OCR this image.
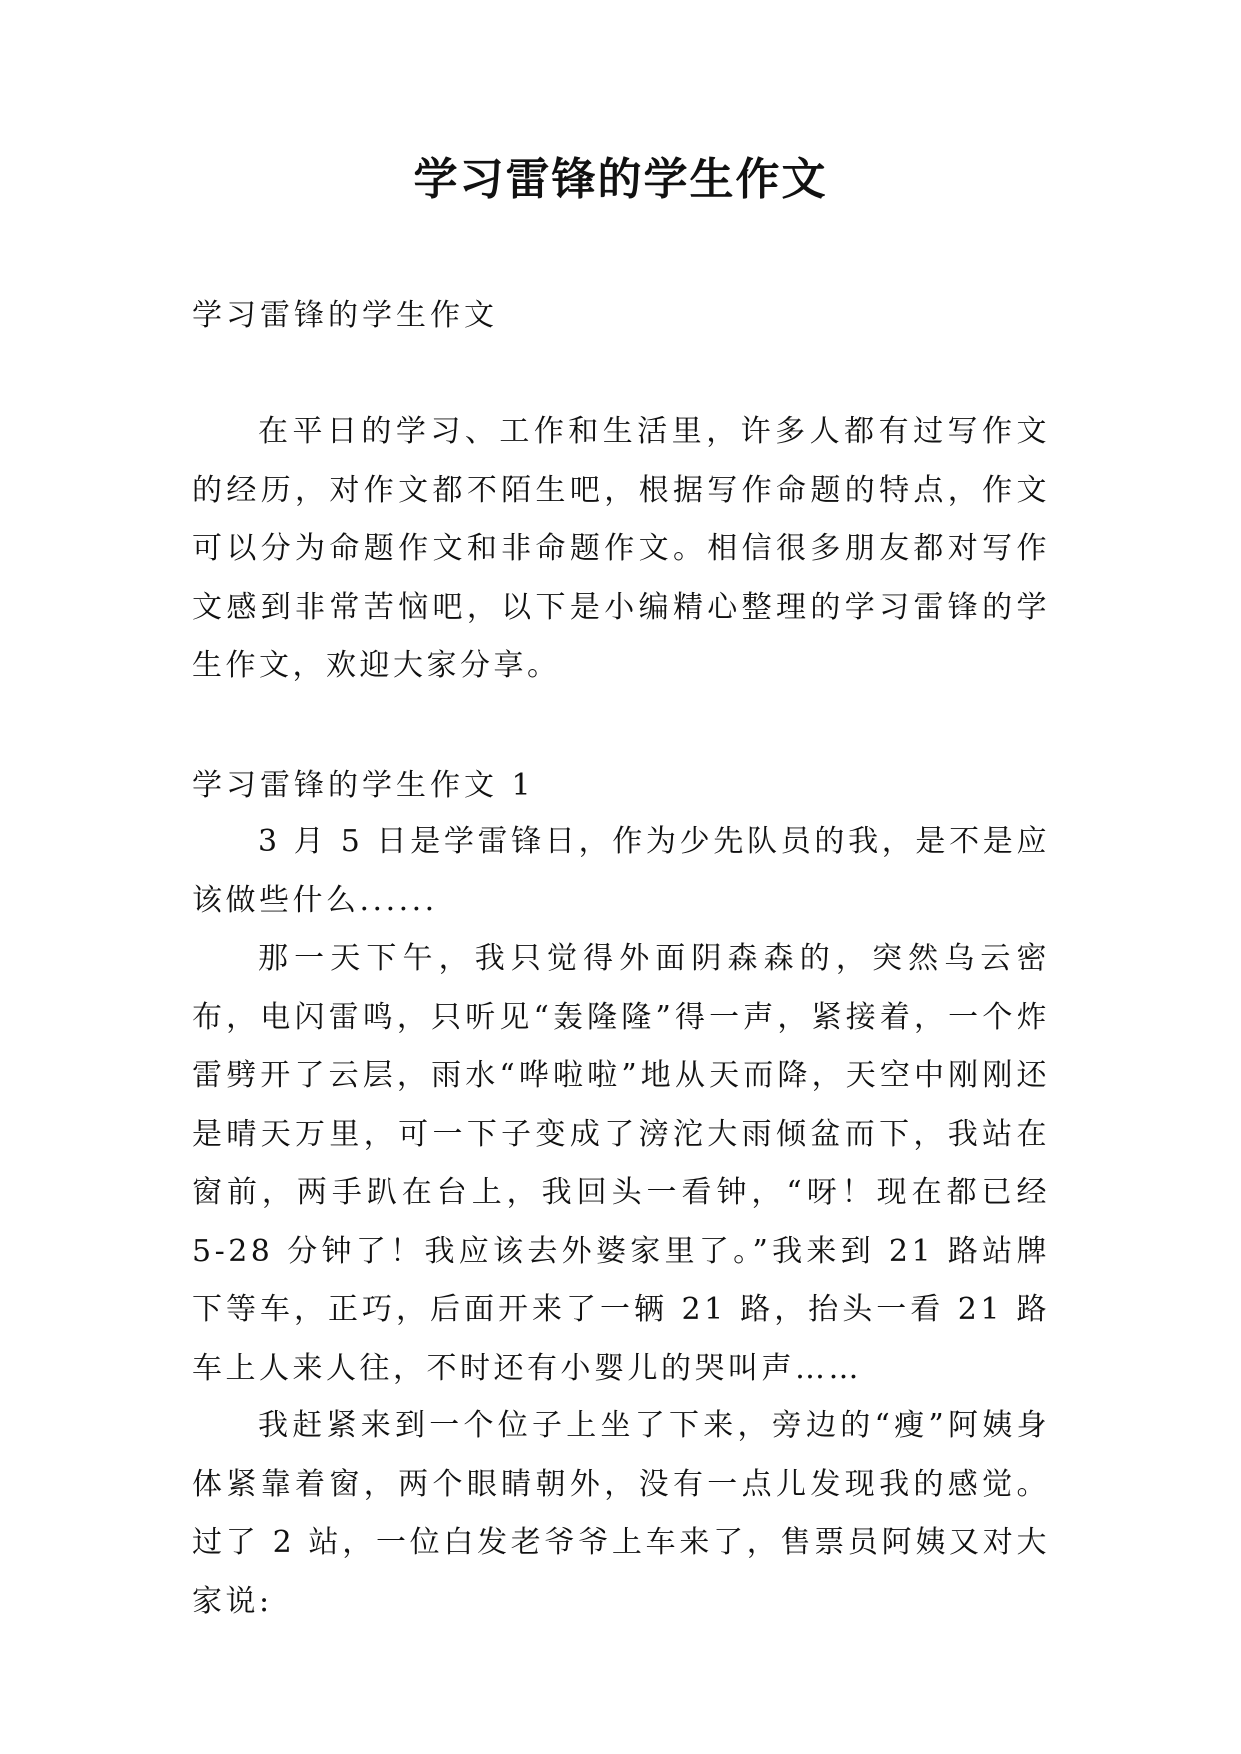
学习雷锋的学生作文
学习雷锋的学生作文

在平日的学习、工作和生活里，许多人都有过写作文的经历，对作文都不陌生吧，根据写作命题的特点，作文可以分为命题作文和非命题作文。相信很多朋友都对写作文感到非常苦恼吧，以下是小编精心整理的学习雷锋的学生作文，欢迎大家分享。

学习雷锋的学生作文 1

3 月 5 日是学雷锋日，作为少先队员的我，是不是应该做些什么......

那一天下午，我只觉得外面阴森森的，突然乌云密布，电闪雷鸣，只听见“轰隆隆”得一声，紧接着，一个炸雷劈开了云层，雨水“哗啦啦”地从天而降，天空中刚刚还是晴天万里，可一下子变成了滂沱大雨倾盆而下，我站在窗前，两手趴在台上，我回头一看钟，“呀！现在都已经 5-28 分钟了！我应该去外婆家里了。”我来到 21 路站牌下等车，正巧，后面开来了一辆 21 路，抬头一看 21 路车上人来人往，不时还有小婴儿的哭叫声……

我赶紧来到一个位子上坐了下来，旁边的“瘦”阿姨身体紧靠着窗，两个眼睛朝外，没有一点儿发现我的感觉。过了 2 站，一位白发老爷爷上车来了，售票员阿姨又对大家说:
